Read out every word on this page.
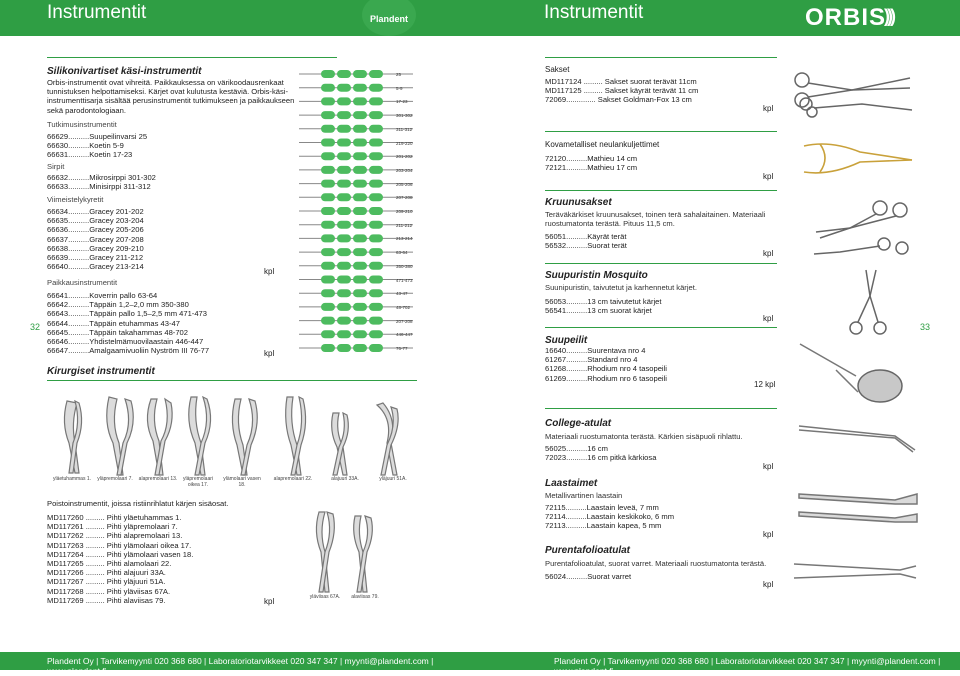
Instrumentit	Plandent	Instrumentit	ORBIS
)))
32	33
Silikonivartiset käsi-instrumentit
Orbis-instrumentit ovat vihreitä. Paikkauksessa on värikoodausrenkaat
tunnistuksen helpottamiseksi. Kärjet ovat kulutusta kestäviä. Orbis-käsi-
instrumenttisarja sisältää perusinstrumentit tutkimukseen ja paikkaukseen
sekä parodontologiaan.
Tutkimusinstrumentit
66629..........Suupeilinvarsi 25
66630..........Koetin 5-9
66631..........Koetin 17-23
Sirpit
66632..........Mikrosirppi 301-302
66633..........Minisirppi 311-312
Viimeistelykyretit
66634..........Gracey 201-202
66635..........Gracey 203-204
66636..........Gracey 205-206
66637..........Gracey 207-208
66638..........Gracey 209-210
66639..........Gracey 211-212
66640..........Gracey 213-214
kpl
Paikkausinstrumentit
66641..........Koverrin pallo 63-64
66642..........Täppäin 1,2–2,0 mm 350-380
66643..........Täppäin pallo 1,5–2,5 mm 471-473
66644..........Täppäin etuhammas 43-47
66645..........Täppäin takahammas 48-702
66646..........Yhdistelmämuovilaastain 446-447
66647..........Amalgaamivuoliin Nyström III 76-77	kpl
25
5-9
17-23
301-302
311-312
219-220
201-202
203-204
205-206
207-208
209-210
211-212
213-214
63-64
350-380
471-473
43-47
48-702
207-208
446-447
76-77
Kirurgiset instrumentit
yläetuhammas 1.	yläpremolaari 7.	alapremolaari 13.	yläpremolaari oikea 17.
ylämolaari vasen 18.
alapremolaari 22.	alajuuri 33A.	yläjuuri 51A.
Poistoinstrumentit, joissa ristiinrihlatut kärjen sisäosat.
MD117260 ......... Pihti yläetuhammas 1.
MD117261 ......... Pihti yläpremolaari 7.
MD117262 ......... Pihti alapremolaari 13.
MD117263 ......... Pihti ylämolaari oikea 17.
MD117264 ......... Pihti ylämolaari vasen 18.
MD117265 ......... Pihti alamolaari 22.
MD117266 ......... Pihti alajuuri 33A.
MD117267 ......... Pihti yläjuuri 51A.
MD117268 ......... Pihti yläviisas 67A.
MD117269 ......... Pihti alaviisas 79.	kpl	yläviisas 67A.	alaviisas 79.
Sakset
MD117124 ......... Sakset suorat terävät 11cm
MD117125 ......... Sakset käyrät terävät 11 cm
72069.............. Sakset Goldman-Fox 13 cm
kpl
Kovametalliset neulankuljettimet
72120..........Mathieu 14 cm
72121..........Mathieu 17 cm
kpl
Kruunusakset
Teräväkärkiset kruunusakset, toinen terä sahalaitainen. Materiaali
ruostumatonta terästä. Pituus 11,5 cm.
56051..........Käyrät terät
56532..........Suorat terät
kpl
Suupuristin Mosquito
Suunipuristin, taivutetut ja karhennetut kärjet.
56053..........13 cm taivutetut kärjet
56541..........13 cm suorat kärjet
kpl
Suupeilit
16640..........Suurentava nro 4
61267..........Standard nro 4
61268..........Rhodium nro 4 tasopeili
61269..........Rhodium nro 6 tasopeili
12 kpl
College-atulat
Materiaali ruostumatonta terästä. Kärkien sisäpuoli rihlattu.
56025..........16 cm
72023..........16 cm pitkä kärkiosa
kpl
Laastaimet
Metallivartinen laastain
72115..........Laastain leveä, 7 mm
72114..........Laastain keskikoko, 6 mm
72113..........Laastain kapea, 5 mm
kpl
Purentafolioatulat
Purentafolioatulat, suorat varret. Materiaali ruostumatonta terästä.
56024..........Suorat varret
kpl
Plandent Oy | Tarvikemyynti 020 368 680 | Laboratoriotarvikkeet 020 347 347 | myynti@plandent.com | www.plandent.fi
Plandent Oy | Tarvikemyynti 020 368 680 | Laboratoriotarvikkeet 020 347 347 | myynti@plandent.com | www.plandent.fi
